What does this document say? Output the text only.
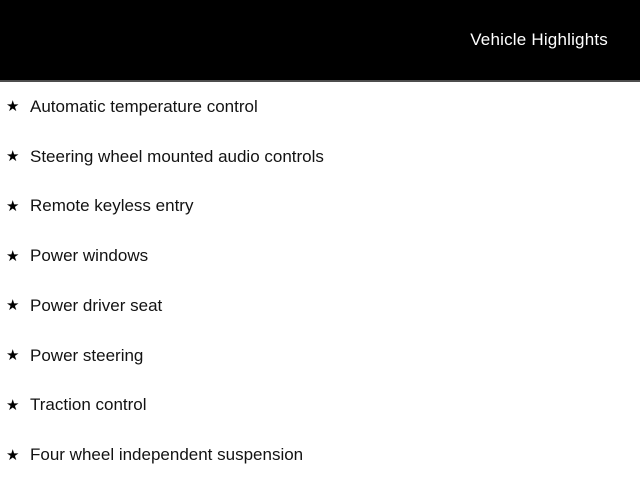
Vehicle Highlights
★ Automatic temperature control
★ Steering wheel mounted audio controls
★ Remote keyless entry
★ Power windows
★ Power driver seat
★ Power steering
★ Traction control
★ Four wheel independent suspension
